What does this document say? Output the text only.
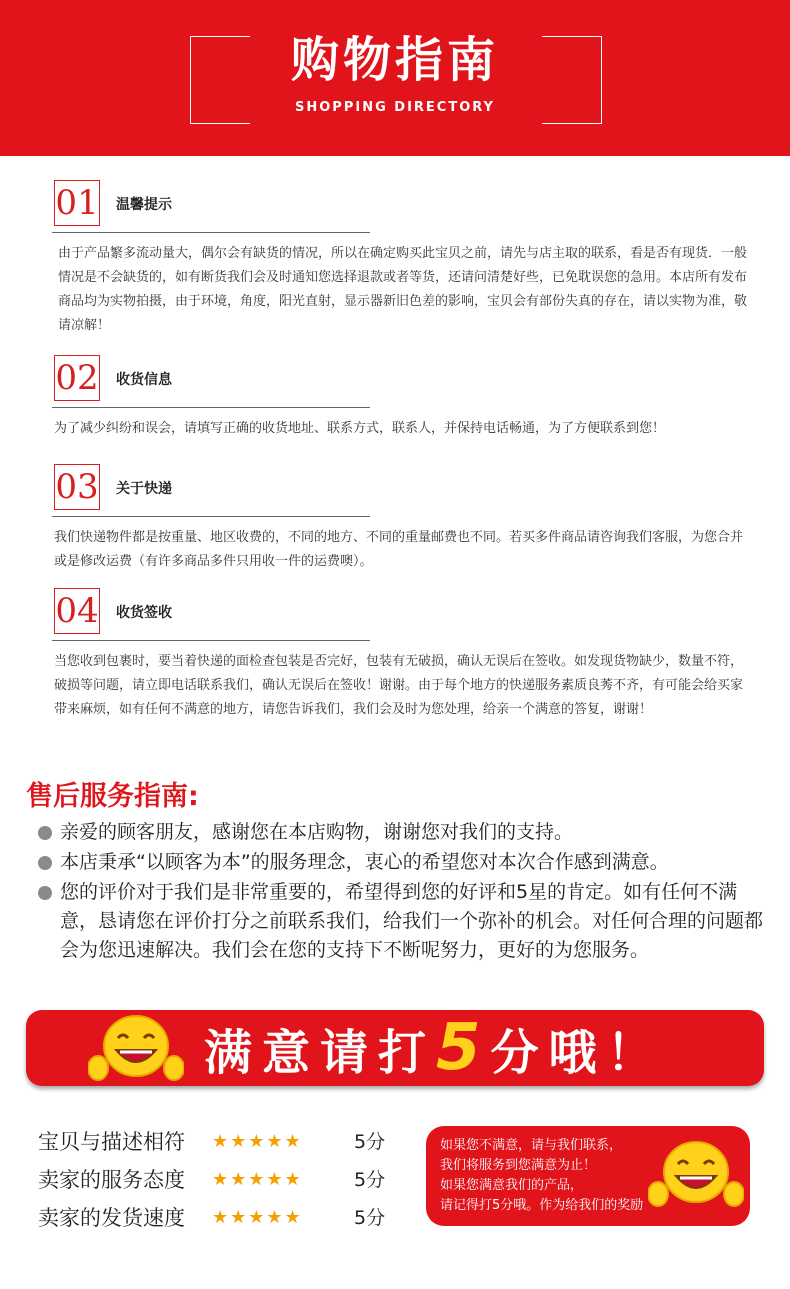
购物指南
SHOPPING DIRECTORY
01 温馨提示
由于产品繁多流动量大，偶尔会有缺货的情况，所以在确定购买此宝贝之前，请先与店主取的联系，看是否有现货．一般情况是不会缺货的，如有断货我们会及时通知您选择退款或者等货，还请问清楚好些，已免耽误您的急用。本店所有发布商品均为实物拍摄，由于环境，角度，阳光直射，显示器新旧色差的影响，宝贝会有部份失真的存在，请以实物为准，敬请凉解！
02 收货信息
为了减少纠纷和误会，请填写正确的收货地址、联系方式，联系人，并保持电话畅通，为了方便联系到您！
03 关于快递
我们快递物件都是按重量、地区收费的，不同的地方、不同的重量邮费也不同。若买多件商品请咨询我们客服，为您合并或是修改运费（有许多商品多件只用收一件的运费噢）。
04 收货签收
当您收到包裹时，要当着快递的面检查包装是否完好，包装有无破损，确认无误后在签收。如发现货物缺少，数量不符，破损等问题，请立即电话联系我们，确认无误后在签收！谢谢。由于每个地方的快递服务素质良莠不齐，有可能会给买家带来麻烦，如有任何不满意的地方，请您告诉我们，我们会及时为您处理，给亲一个满意的答复，谢谢！
售后服务指南:
亲爱的顾客朋友，感谢您在本店购物，谢谢您对我们的支持。
本店秉承“以顾客为本”的服务理念，衷心的希望您对本次合作感到满意。
您的评价对于我们是非常重要的，希望得到您的好评和5星的肯定。如有任何不满意，恳请您在评价打分之前联系我们，给我们一个弥补的机会。对任何合理的问题都会为您迅速解决。我们会在您的支持下不断呢努力，更好的为您服务。
满意请打5分哦！
宝贝与描述相符 ★★★★★	5分
卖家的服务态度 ★★★★★	5分
卖家的发货速度 ★★★★★	5分
如果您不满意，请与我们联系，
我们将服务到您满意为止！
如果您满意我们的产品，
请记得打5分哦。作为给我们的奖励
